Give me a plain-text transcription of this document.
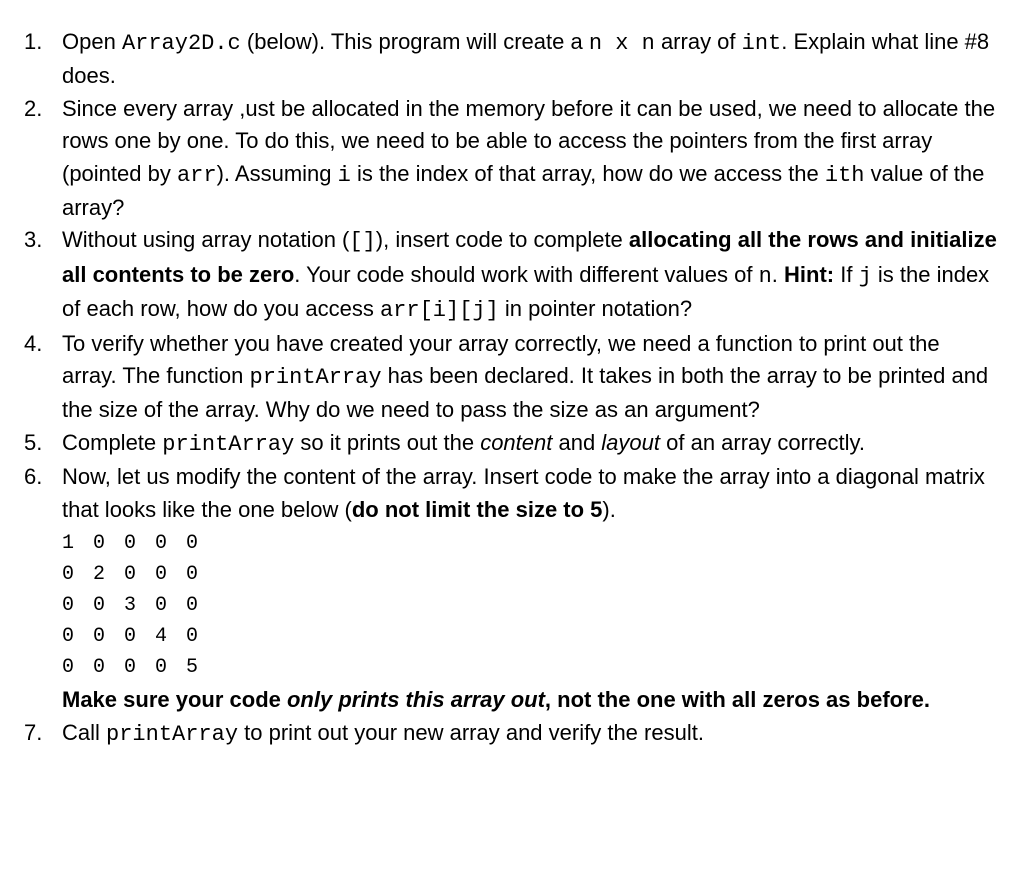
1. Open Array2D.c (below). This program will create a n x n array of int. Explain what line #8 does.
2. Since every array ,ust be allocated in the memory before it can be used, we need to allocate the rows one by one. To do this, we need to be able to access the pointers from the first array (pointed by arr). Assuming i is the index of that array, how do we access the ith value of the array?
3. Without using array notation ([]), insert code to complete allocating all the rows and initialize all contents to be zero. Your code should work with different values of n. Hint: If j is the index of each row, how do you access arr[i][j] in pointer notation?
4. To verify whether you have created your array correctly, we need a function to print out the array. The function printArray has been declared. It takes in both the array to be printed and the size of the array. Why do we need to pass the size as an argument?
5. Complete printArray so it prints out the content and layout of an array correctly.
6. Now, let us modify the content of the array. Insert code to make the array into a diagonal matrix that looks like the one below (do not limit the size to 5).
1 0 0 0 0
0 2 0 0 0
0 0 3 0 0
0 0 0 4 0
0 0 0 0 5
Make sure your code only prints this array out, not the one with all zeros as before.
7. Call printArray to print out your new array and verify the result.
